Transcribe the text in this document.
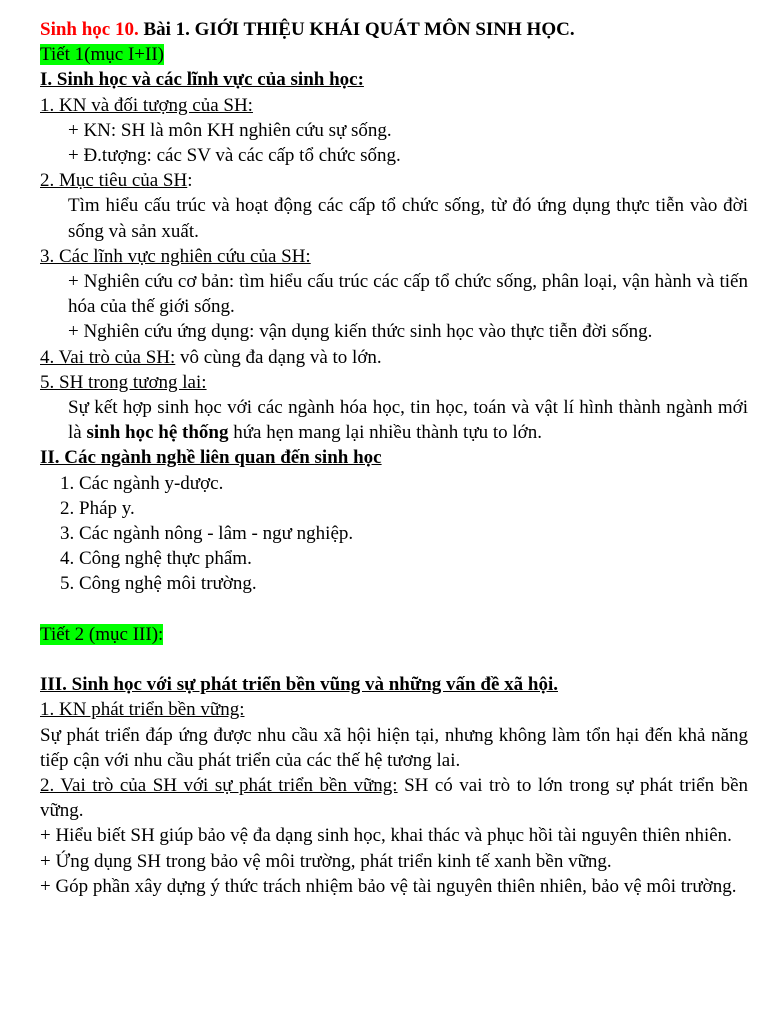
Sinh học 10. Bài 1. GIỚI THIỆU KHÁI QUÁT MÔN SINH HỌC.

Tiết 1(mục I+II)

I. Sinh học và các lĩnh vực của sinh học:

1. KN và đối tượng của SH:

+ KN: SH là môn KH nghiên cứu sự sống.

+ Đ.tượng: các SV và các cấp tổ chức sống.

2. Mục tiêu của SH:

Tìm hiểu cấu trúc và hoạt động các cấp tổ chức sống, từ đó ứng dụng thực tiễn vào đời sống và sản xuất.

3. Các lĩnh vực nghiên cứu của SH:

+ Nghiên cứu cơ bản: tìm hiểu cấu trúc các cấp tổ chức sống, phân loại, vận hành và tiến hóa của thế giới sống.

+ Nghiên cứu ứng dụng: vận dụng kiến thức sinh học vào thực tiễn đời sống.

4. Vai trò của SH: vô cùng đa dạng và to lớn.

5. SH trong tương lai:

Sự kết hợp sinh học với các ngành hóa học, tin học, toán và vật lí hình thành ngành mới là sinh học hệ thống hứa hẹn mang lại nhiều thành tựu to lớn.

II. Các ngành nghề liên quan đến sinh học

1. Các ngành y-dược.

2. Pháp y.

3. Các ngành nông - lâm - ngư nghiệp.

4. Công nghệ thực phẩm.

5. Công nghệ môi trường.

Tiết 2 (mục III):

III. Sinh học với sự phát triển bền vũng và những vấn đề xã hội.

1. KN phát triển bền vững:

Sự phát triển đáp ứng được nhu cầu xã hội hiện tại, nhưng không làm tổn hại đến khả năng tiếp cận với nhu cầu phát triển của các thế hệ tương lai.

2. Vai trò của SH với sự phát triển bền vững: SH có vai trò to lớn trong sự phát triển bền vững.

+ Hiểu biết SH giúp bảo vệ đa dạng sinh học, khai thác và phục hồi tài nguyên thiên nhiên.

+ Ứng dụng SH trong bảo vệ môi trường, phát triển kinh tế xanh bền vững.

+ Góp phần xây dựng ý thức trách nhiệm bảo vệ tài nguyên thiên nhiên, bảo vệ môi trường.
